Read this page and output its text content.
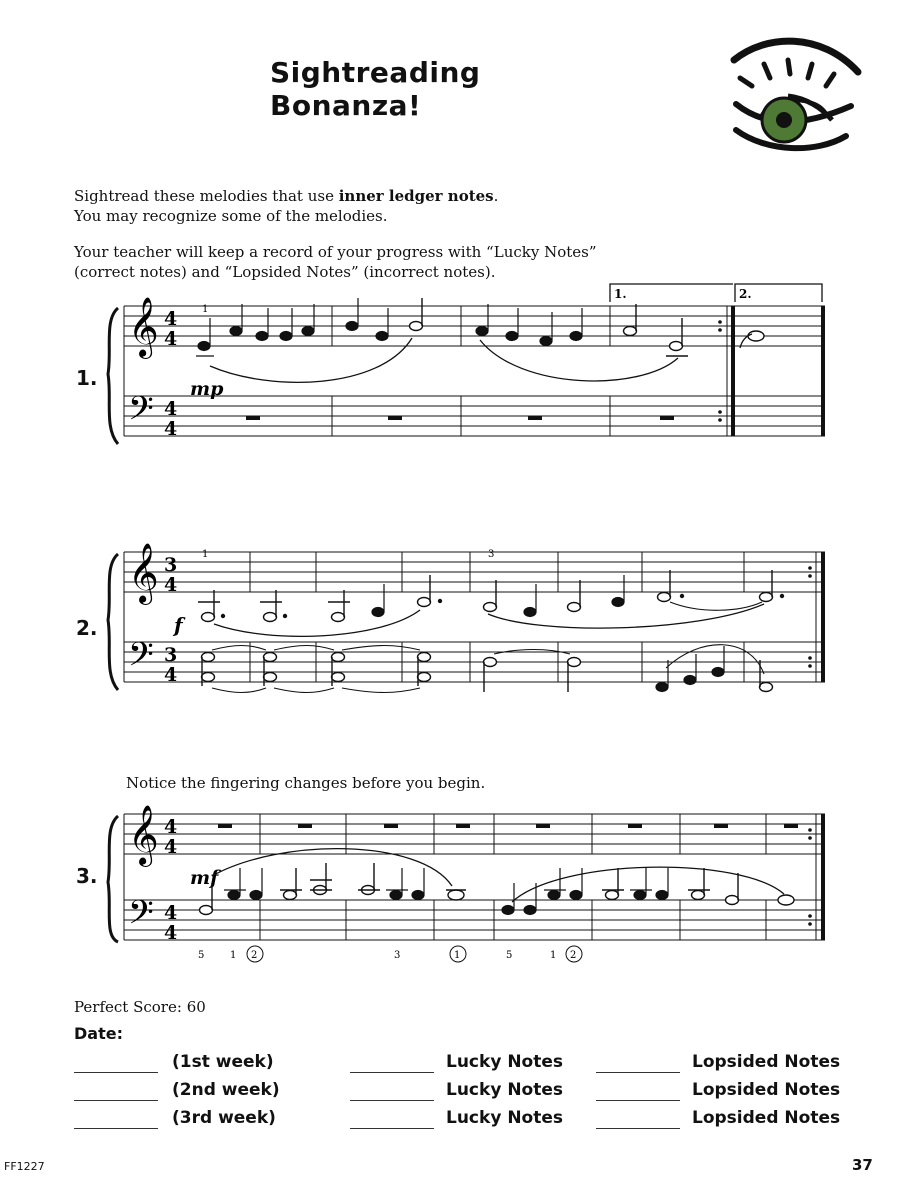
Sightreading Bonanza!
Sightread these melodies that use inner ledger notes.
You may recognize some of the melodies.
Your teacher will keep a record of your progress with “Lucky Notes”
(correct notes) and “Lopsided Notes” (incorrect notes).
1.
1.	2.
𝄞
𝄢
4
4
4
4
1
mp
2.
𝄞
𝄢
3
4
3
4
1	3
f
Notice the fingering changes before you begin.
3.
𝄞
𝄢
4
4
4
4
mf
5	1 2	3	1	5	1 2
Perfect Score: 60
Date:
(1st week)	Lucky Notes	Lopsided Notes
(2nd week)	Lucky Notes	Lopsided Notes
(3rd week)	Lucky Notes	Lopsided Notes
FF1227	37
